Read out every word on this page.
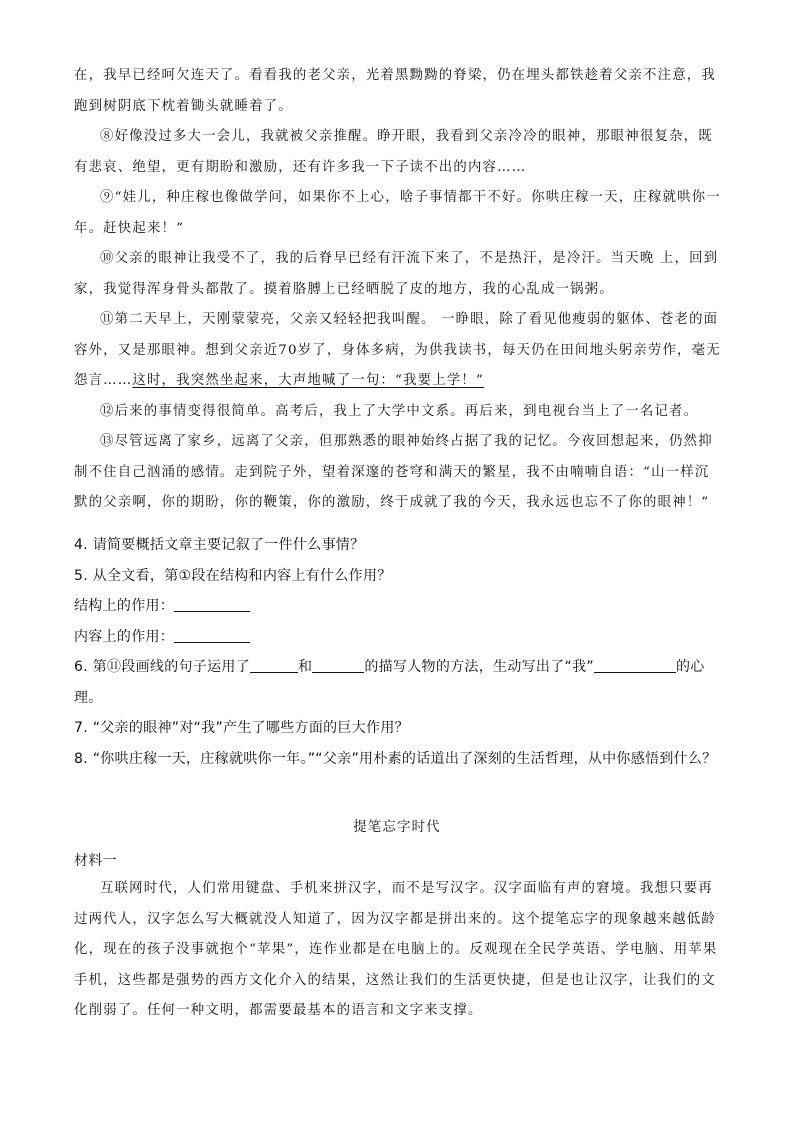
在，我早已经呵欠连天了。看看我的老父亲，光着黑黝黝的脊梁，仍在埋头都铁趁着父亲不注意，我跑到树阴底下枕着锄头就睡着了。

⑧好像没过多大一会儿，我就被父亲推醒。睁开眼，我看到父亲冷冷的眼神，那眼神很复杂，既有悲哀、绝望，更有期盼和激励，还有许多我一下子读不出的内容……

⑨“娃儿，种庄稼也像做学问，如果你不上心，啥子事情都干不好。你哄庄稼一天，庄稼就哄你一年。赶快起来！”

⑩父亲的眼神让我受不了，我的后脊早已经有汗流下来了，不是热汗，是冷汗。当天晚 上，回到家，我觉得浑身骨头都散了。摸着胳膊上已经晒脱了皮的地方，我的心乱成一锅粥。

⑪第二天早上，天刚蒙蒙亮，父亲又轻轻把我叫醒。 一睁眼，除了看见他瘦弱的躯体、苍老的面容外，又是那眼神。想到父亲近70岁了，身体多病，为供我读书，每天仍在田间地头躬亲劳作，毫无怨言……这时，我突然坐起来，大声地喊了一句：“我要上学！”

⑫后来的事情变得很简单。高考后，我上了大学中文系。再后来，到电视台当上了一名记者。

⑬尽管远离了家乡，远离了父亲，但那熟悉的眼神始终占据了我的记忆。今夜回想起来，仍然抑制不住自己汹涌的感情。走到院子外，望着深邃的苍穹和满天的繁星，我不由喃喃自语：“山一样沉默的父亲啊，你的期盼，你的鞭策，你的激励，终于成就了我的今天，我永远也忘不了你的眼神！”

4. 请简要概括文章主要记叙了一件什么事情？

5. 从全文看，第①段在结构和内容上有什么作用？

结构上的作用：

内容上的作用：

6. 第⑪段画线的句子运用了	和	的描写人物的方法，生动写出了“我”	的心

理。

7. “父亲的眼神”对“我”产生了哪些方面的巨大作用？

8. “你哄庄稼一天，庄稼就哄你一年。”“父亲”用朴素的话道出了深刻的生活哲理，从中你感悟到什么？

提笔忘字时代
材料一

互联网时代，人们常用键盘、手机来拼汉字，而不是写汉字。汉字面临有声的窘境。我想只要再过两代人，汉字怎么写大概就没人知道了，因为汉字都是拼出来的。这个提笔忘字的现象越来越低龄化，现在的孩子没事就抱个“苹果”，连作业都是在电脑上的。反观现在全民学英语、学电脑、用苹果手机，这些都是强势的西方文化介入的结果，这然让我们的生活更快捷，但是也让汉字，让我们的文化削弱了。任何一种文明，都需要最基本的语言和文字来支撑。
